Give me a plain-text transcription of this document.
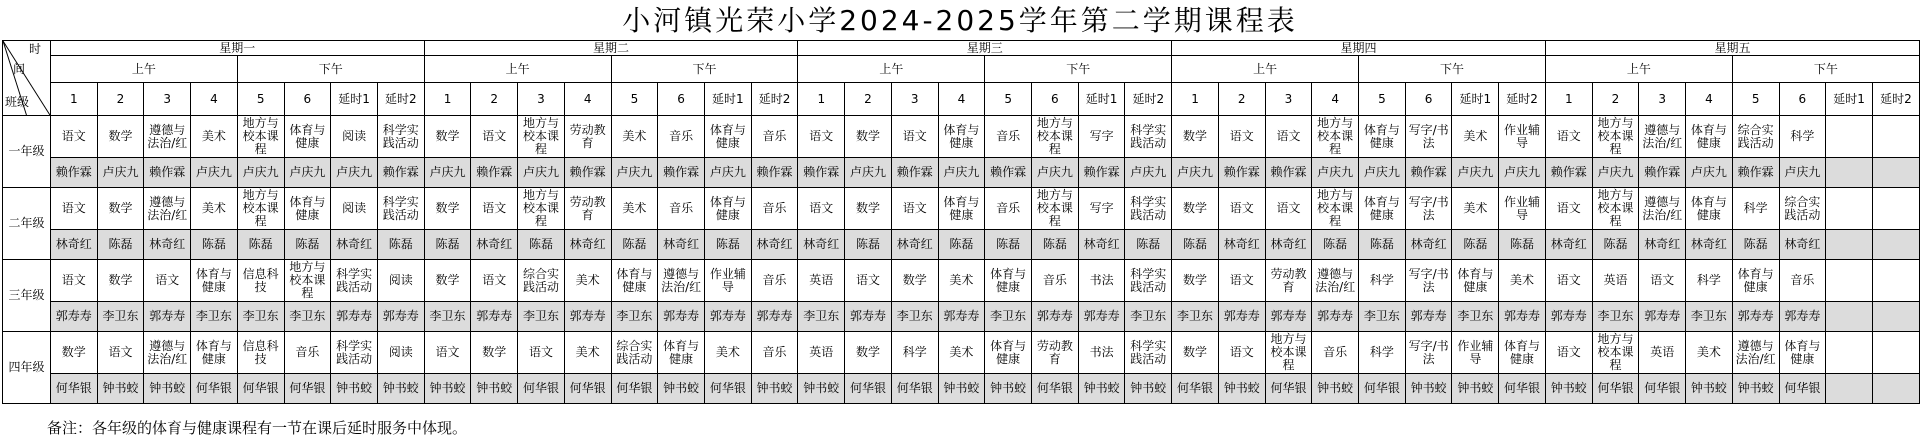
小河镇光荣小学2024-2025学年第二学期课程表
时
间
班级	星期一								星期二								星期三								星期四								星期五							
	上午				下午				上午				下午				上午				下午				上午				下午				上午				下午			
	1	2	3	4	5	6	延时1	延时2	1	2	3	4	5	6	延时1	延时2	1	2	3	4	5	6	延时1	延时2	1	2	3	4	5	6	延时1	延时2	1	2	3	4	5	6	延时1	延时2
一年级	语文	数学	遵德与法治/红	美术	地方与校本课程	体育与健康	阅读	科学实践活动	数学	语文	地方与校本课程	劳动教育	美术	音乐	体育与健康	音乐	语文	数学	语文	体育与健康	音乐	地方与校本课程	写字	科学实践活动	数学	语文	语文	地方与校本课程	体育与健康	写字/书法	美术	作业辅导	语文	地方与校本课程	遵德与法治/红	体育与健康	综合实践活动	科学		
	赖作霖	卢庆九	赖作霖	卢庆九	卢庆九	卢庆九	卢庆九	赖作霖	卢庆九	赖作霖	卢庆九	赖作霖	卢庆九	赖作霖	卢庆九	赖作霖	赖作霖	卢庆九	赖作霖	卢庆九	赖作霖	卢庆九	赖作霖	卢庆九	卢庆九	赖作霖	赖作霖	卢庆九	卢庆九	赖作霖	卢庆九	卢庆九	赖作霖	卢庆九	赖作霖	卢庆九	赖作霖	卢庆九		
二年级	语文	数学	遵德与法治/红	美术	地方与校本课程	体育与健康	阅读	科学实践活动	数学	语文	地方与校本课程	劳动教育	美术	音乐	体育与健康	音乐	语文	数学	语文	体育与健康	音乐	地方与校本课程	写字	科学实践活动	数学	语文	语文	地方与校本课程	体育与健康	写字/书法	美术	作业辅导	语文	地方与校本课程	遵德与法治/红	体育与健康	科学	综合实践活动		
	林奇红	陈磊	林奇红	陈磊	陈磊	陈磊	林奇红	陈磊	陈磊	林奇红	陈磊	林奇红	陈磊	林奇红	陈磊	林奇红	林奇红	陈磊	林奇红	陈磊	陈磊	陈磊	林奇红	陈磊	陈磊	林奇红	林奇红	陈磊	陈磊	林奇红	陈磊	陈磊	林奇红	陈磊	林奇红	林奇红	陈磊	林奇红		
三年级	语文	数学	语文	体育与健康	信息科技	地方与校本课程	科学实践活动	阅读	数学	语文	综合实践活动	美术	体育与健康	遵德与法治/红	作业辅导	音乐	英语	语文	数学	美术	体育与健康	音乐	书法	科学实践活动	数学	语文	劳动教育	遵德与法治/红	科学	写字/书法	体育与健康	美术	语文	英语	语文	科学	体育与健康	音乐		
	郭寿寿	李卫东	郭寿寿	李卫东	李卫东	李卫东	郭寿寿	郭寿寿	李卫东	郭寿寿	李卫东	郭寿寿	李卫东	郭寿寿	郭寿寿	郭寿寿	李卫东	郭寿寿	李卫东	郭寿寿	李卫东	郭寿寿	郭寿寿	李卫东	李卫东	郭寿寿	郭寿寿	郭寿寿	李卫东	郭寿寿	李卫东	郭寿寿	郭寿寿	李卫东	郭寿寿	李卫东	郭寿寿	郭寿寿		
四年级	数学	语文	遵德与法治/红	体育与健康	信息科技	音乐	科学实践活动	阅读	语文	数学	语文	美术	综合实践活动	体育与健康	美术	音乐	英语	数学	科学	美术	体育与健康	劳动教育	书法	科学实践活动	数学	语文	地方与校本课程	音乐	科学	写字/书法	作业辅导	体育与健康	语文	地方与校本课程	英语	美术	遵德与法治/红	体育与健康		
	何华银	钟书蛟	钟书蛟	何华银	何华银	何华银	钟书蛟	钟书蛟	钟书蛟	钟书蛟	何华银	何华银	何华银	钟书蛟	何华银	钟书蛟	钟书蛟	何华银	何华银	钟书蛟	钟书蛟	何华银	钟书蛟	钟书蛟	何华银	钟书蛟	何华银	钟书蛟	何华银	钟书蛟	钟书蛟	何华银	钟书蛟	何华银	何华银	钟书蛟	钟书蛟	何华银		
备注：各年级的体育与健康课程有一节在课后延时服务中体现。
